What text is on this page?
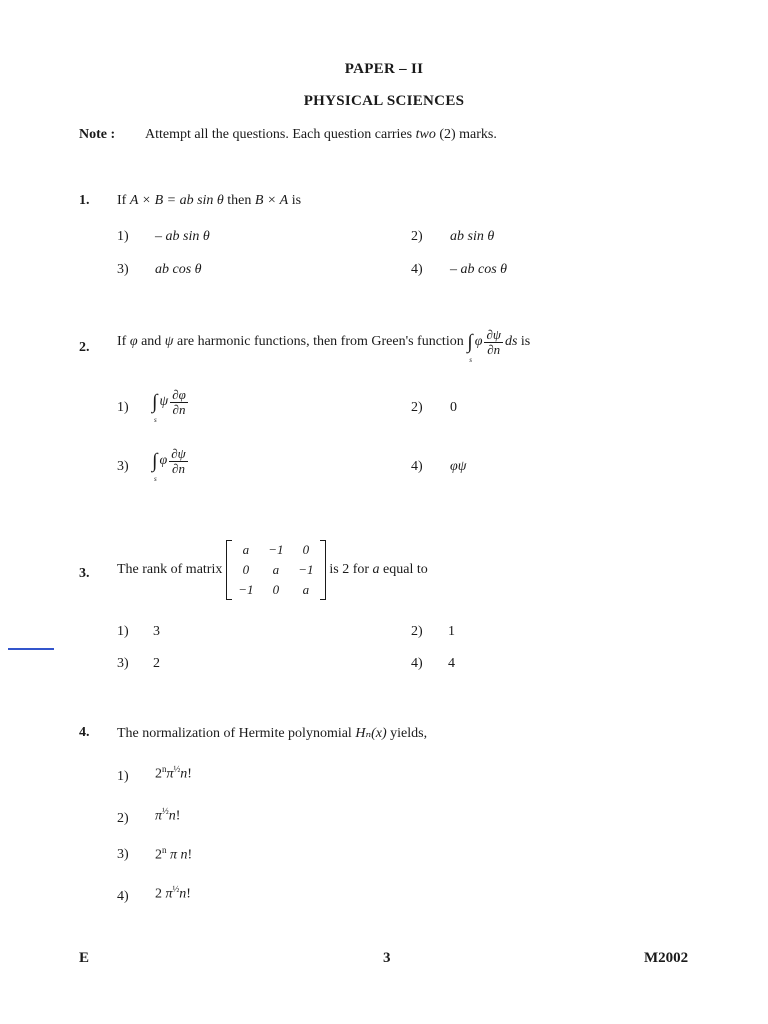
PAPER – II
PHYSICAL SCIENCES
Note : Attempt all the questions. Each question carries two (2) marks.
1. If A × B = ab sin θ then B × A is
1) – ab sin θ	2) ab sin θ
3) ab cos θ	4) – ab cos θ
2. If φ and ψ are harmonic functions, then from Green's function ∫
s
φ $\frac{\partial\psi}{\partial n}$ ds is
1) ∫
s
ψ $\frac{\partial\varphi}{\partial n}$	2) 0
3) ∫
s
φ $\frac{\partial\psi}{\partial n}$	4) φψ
3. The rank of matrix
a	−1	0
0	a	−1
−1	0	a
is 2 for a equal to
1) 3	2) 1
3) 2	4) 4
4. The normalization of Hermite polynomial Hₙ(x) yields,
1) $2^n\pi^{\frac{1}{2}}n$!
2) $\pi^{\frac{1}{2}}n$!
3) 2$^n$ π n!
4) 2 $\pi^{\frac{1}{2}}n$!
E	3	M2002
